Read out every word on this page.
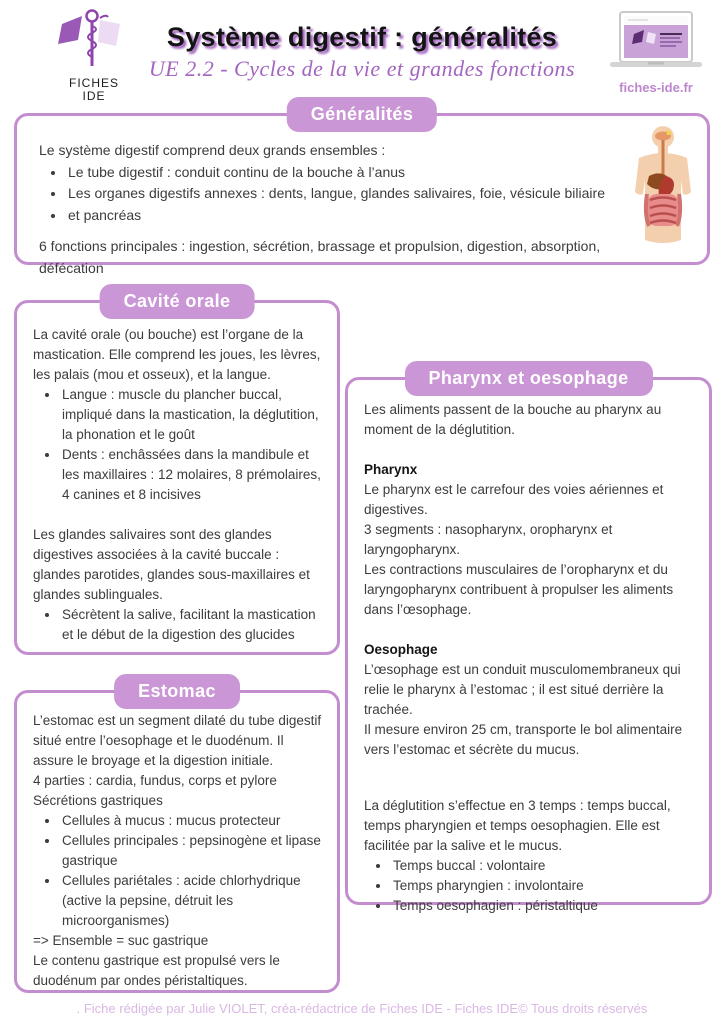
FICHES
IDE
Système digestif : généralités
UE 2.2 - Cycles de la vie et grandes fonctions
fiches-ide.fr
Généralités

Le système digestif comprend deux grands ensembles :

• Le tube digestif : conduit continu de la bouche à l’anus
• Les organes digestifs annexes : dents, langue, glandes salivaires, foie, vésicule biliaire
• et pancréas

6 fonctions principales : ingestion, sécrétion, brassage et propulsion, digestion, absorption, défécation

Cavité orale

La cavité orale (ou bouche) est l’organe de la mastication. Elle comprend les joues, les lèvres, les palais (mou et osseux), et la langue.

• Langue : muscle du plancher buccal, impliqué dans la mastication, la déglutition, la phonation et le goût
• Dents : enchâssées dans la mandibule et les maxillaires : 12 molaires, 8 prémolaires, 4 canines et 8 incisives

Les glandes salivaires sont des glandes digestives associées à la cavité buccale : glandes parotides, glandes sous-maxillaires et glandes sublinguales.

• Sécrètent la salive, facilitant la mastication et le début de la digestion des glucides
Pharynx et oesophage

Les aliments passent de la bouche au pharynx au moment de la déglutition.

Pharynx

Le pharynx est le carrefour des voies aériennes et digestives.

3 segments : nasopharynx, oropharynx et laryngopharynx.

Les contractions musculaires de l’oropharynx et du laryngopharynx contribuent à propulser les aliments dans l’œsophage.

Oesophage

L’œsophage est un conduit musculomembraneux qui relie le pharynx à l’estomac ; il est situé derrière la trachée.

Il mesure environ 25 cm, transporte le bol alimentaire vers l’estomac et sécrète du mucus.

La déglutition s’effectue en 3 temps : temps buccal, temps pharyngien et temps oesophagien. Elle est facilitée par la salive et le mucus.

• Temps buccal : volontaire
• Temps pharyngien : involontaire
• Temps oesophagien : péristaltique
Estomac

L’estomac est un segment dilaté du tube digestif situé entre l’oesophage et le duodénum. Il assure le broyage et la digestion initiale.

4 parties : cardia, fundus, corps et pylore

Sécrétions gastriques

• Cellules à mucus : mucus protecteur
• Cellules principales : pepsinogène et lipase gastrique
• Cellules pariétales : acide chlorhydrique (active la pepsine, détruit les microorganismes)

=> Ensemble = suc gastrique

Le contenu gastrique est propulsé vers le duodénum par ondes péristaltiques.

. Fiche rédigée par Julie VIOLET, créa-rédactrice de Fiches IDE - Fiches IDE© Tous droits réservés
